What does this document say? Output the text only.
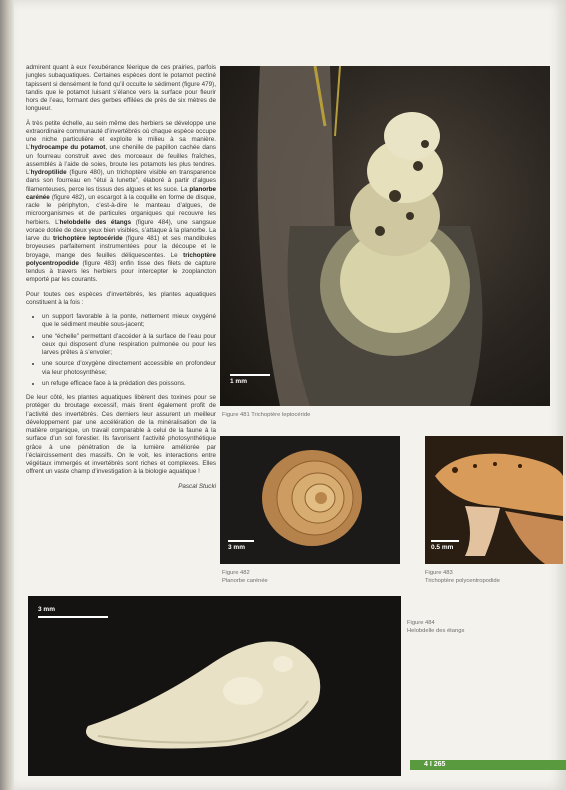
admirent quant à eux l’exubérance féerique de ces prairies, parfois jungles subaquatiques. Certaines espèces dont le potamot pectiné tapissent si densément le fond qu’il occulte le sédiment (figure 479), tandis que le potamot luisant s’élance vers la surface pour fleurir hors de l’eau, formant des gerbes effilées de près de six mètres de longueur.

À très petite échelle, au sein même des herbiers se développe une extraordinaire communauté d’invertébrés où chaque espèce occupe une niche particulière et exploite le milieu à sa manière. L’hydrocampe du potamot, une chenille de papillon cachée dans un fourreau construit avec des morceaux de feuilles fraîches, assemblés à l’aide de soies, broute les potamots les plus tendres. L’hydroptilide (figure 480), un trichoptère visible en transparence dans son fourreau en “étui à lunette”, élaboré à partir d’algues filamenteuses, perce les tissus des algues et les suce. La planorbe carénée (figure 482), un escargot à la coquille en forme de disque, racle le périphyton, c’est-à-dire le manteau d’algues, de microorganismes et de particules organiques qui recouvre les herbiers. L’helobdelle des étangs (figure 484), une sangsue vorace dotée de deux yeux bien visibles, s’attaque à la planorbe. La larve du trichoptère leptocéride (figure 481) et ses mandibules broyeuses parfaitement instrumentées pour la découpe et le broyage, mange des feuilles déliquescentes. Le trichoptère polycentropodide (figure 483) enfin tisse des filets de capture tendus à travers les herbiers pour intercepter le zooplancton emporté par les courants.

Pour toutes ces espèces d’invertébrés, les plantes aquatiques constituent à la fois :

• un support favorable à la ponte, nettement mieux oxygéné que le sédiment meuble sous-jacent;
• une “échelle” permettant d’accéder à la surface de l’eau pour ceux qui disposent d’une respiration pulmonée ou pour les larves prêtes à s’envoler;
• une source d’oxygène directement accessible en profondeur via leur photosynthèse;
• un refuge efficace face à la prédation des poissons.

De leur côté, les plantes aquatiques libèrent des toxines pour se protéger du broutage excessif, mais tirent également profit de l’activité des invertébrés. Ces derniers leur assurent un meilleur développement par une accélération de la minéralisation de la matière organique, un travail comparable à celui de la faune à la surface d’un sol forestier. Ils favorisent l’activité photosynthétique grâce à une pénétration de la lumière améliorée par l’éclaircissement des massifs. On le voit, les interactions entre végétaux immergés et invertébrés sont riches et complexes. Elles offrent un vaste champ d’investigation à la biologie aquatique !

Pascal Stucki

1 mm
Figure 481 Trichoptère leptocéride
3 mm
Figure 482
Planorbe carénée
0.5 mm
Figure 483
Trichoptère polycentropodide
3 mm
Figure 484
Helobdelle des étangs
4 I 265
